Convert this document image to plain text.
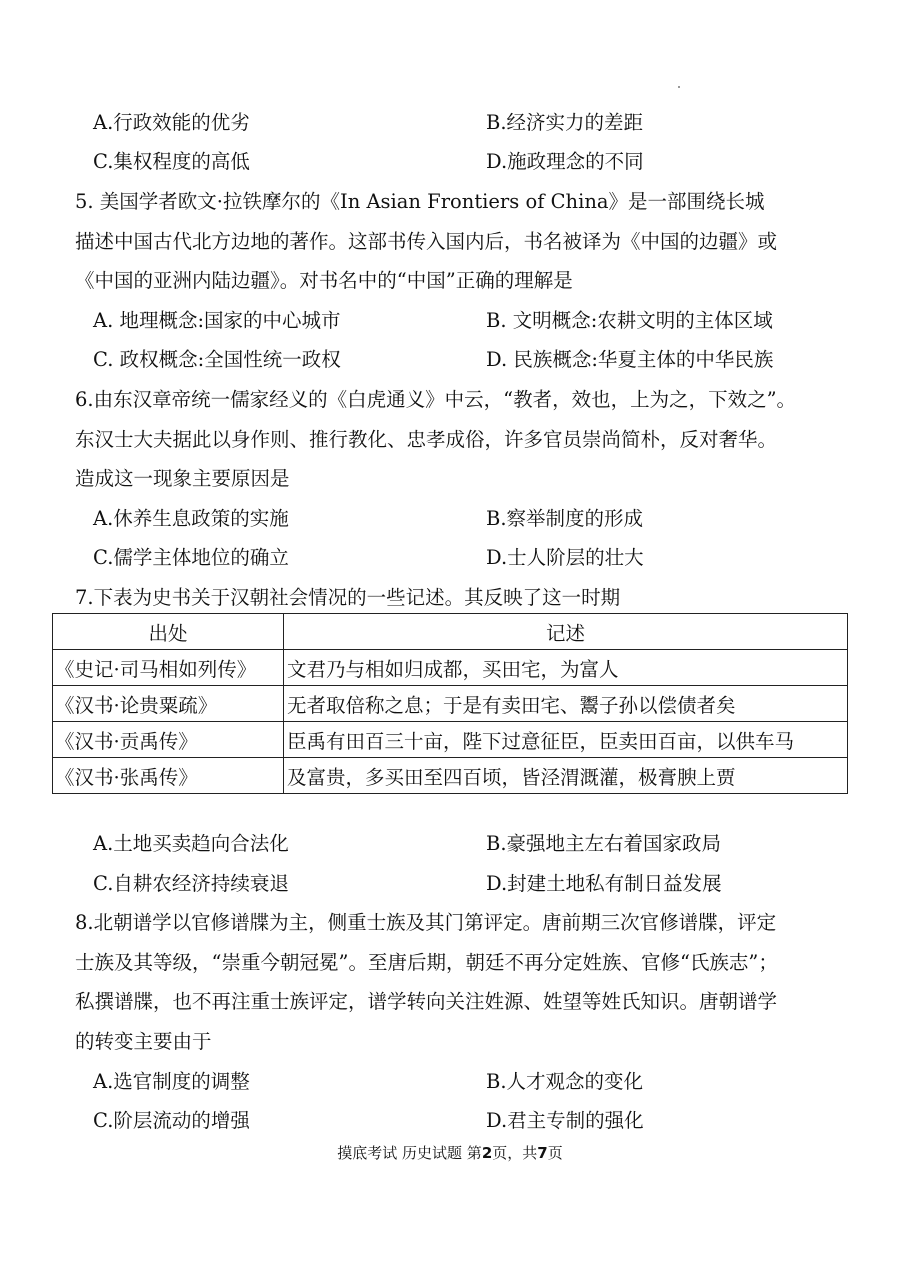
A.行政效能的优劣	B.经济实力的差距
C.集权程度的高低	D.施政理念的不同
5. 美国学者欧文·拉铁摩尔的《In Asian Frontiers of China》是一部围绕长城
描述中国古代北方边地的著作。这部书传入国内后，书名被译为《中国的边疆》或
《中国的亚洲内陆边疆》。对书名中的“中国”正确的理解是
A. 地理概念:国家的中心城市	B. 文明概念:农耕文明的主体区域
C. 政权概念:全国性统一政权	D. 民族概念:华夏主体的中华民族
6.由东汉章帝统一儒家经义的《白虎通义》中云，“教者，效也，上为之，下效之”。
东汉士大夫据此以身作则、推行教化、忠孝成俗，许多官员崇尚简朴，反对奢华。
造成这一现象主要原因是
A.休养生息政策的实施	B.察举制度的形成
C.儒学主体地位的确立	D.士人阶层的壮大
7.下表为史书关于汉朝社会情况的一些记述。其反映了这一时期
出处	记述
《史记·司马相如列传》	文君乃与相如归成都，买田宅，为富人
《汉书·论贵粟疏》	无者取倍称之息；于是有卖田宅、鬻子孙以偿债者矣
《汉书·贡禹传》	臣禹有田百三十亩，陛下过意征臣，臣卖田百亩，以供车马
《汉书·张禹传》	及富贵，多买田至四百顷，皆泾渭溉灌，极膏腴上贾
A.土地买卖趋向合法化	B.豪强地主左右着国家政局
C.自耕农经济持续衰退	D.封建土地私有制日益发展
8.北朝谱学以官修谱牒为主，侧重士族及其门第评定。唐前期三次官修谱牒，评定
士族及其等级，“崇重今朝冠冕”。至唐后期，朝廷不再分定姓族、官修“氏族志”；
私撰谱牒，也不再注重士族评定，谱学转向关注姓源、姓望等姓氏知识。唐朝谱学
的转变主要由于
A.选官制度的调整	B.人才观念的变化
C.阶层流动的增强	D.君主专制的强化
摸底考试 历史试题 第2页，共7页
